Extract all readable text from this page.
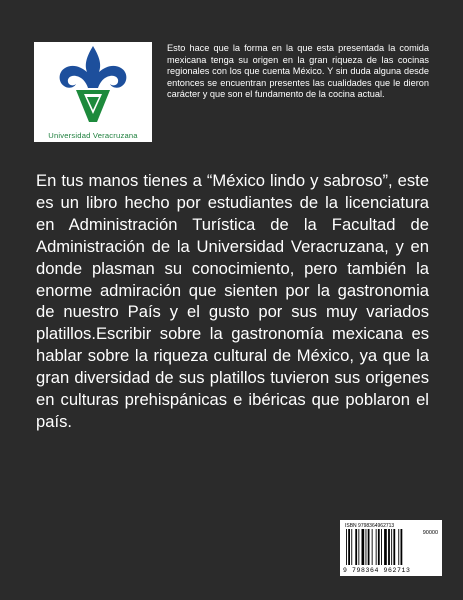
Universidad Veracruzana

Esto hace que la forma en la que esta presentada la comida mexicana tenga su origen en la gran riqueza de las cocinas regionales con los que cuenta México. Y sin duda alguna desde entonces se encuentran presentes las cualidades que le dieron carácter y que son el fundamento de la cocina actual.

En tus manos tienes a “México lindo y sabroso”, este es un libro hecho por estudiantes de la licenciatura en Administración Turística de la Facultad de Administración de la Universidad Veracruzana, y en donde plasman su conocimiento, pero también la enorme admiración que sienten por la gastronomia de nuestro País y el gusto por sus muy variados platillos.Escribir sobre la gastronomía mexicana es hablar sobre la riqueza cultural de México, ya que la gran diversidad de sus platillos tuvieron sus origenes en culturas prehispánicas e ibéricas que poblaron el país.

ISBN 9798364962713
90000
9 798364 962713
